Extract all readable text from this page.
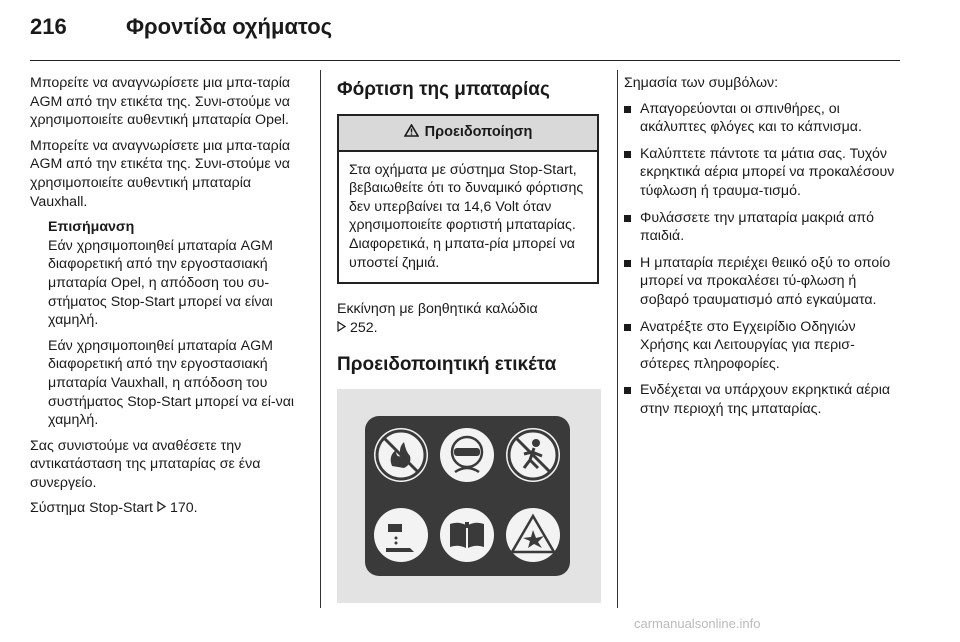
216	Φροντίδα οχήματος

Μπορείτε να αναγνωρίσετε μια μπα-ταρία AGM από την ετικέτα της. Συνι-στούμε να χρησιμοποιείτε αυθεντική μπαταρία Opel.

Μπορείτε να αναγνωρίσετε μια μπα-ταρία AGM από την ετικέτα της. Συνι-στούμε να χρησιμοποιείτε αυθεντική μπαταρία Vauxhall.

Επισήμανση

Εάν χρησιμοποιηθεί μπαταρία AGM διαφορετική από την εργοστασιακή μπαταρία Opel, η απόδοση του συ-στήματος Stop-Start μπορεί να είναι χαμηλή.

Εάν χρησιμοποιηθεί μπαταρία AGM διαφορετική από την εργοστασιακή μπαταρία Vauxhall, η απόδοση του συστήματος Stop-Start μπορεί να εί-ναι χαμηλή.

Σας συνιστούμε να αναθέσετε την αντικατάσταση της μπαταρίας σε ένα συνεργείο.

Σύστημα Stop-Start 170.

Φόρτιση της μπαταρίας
Προειδοποίηση
Στα οχήματα με σύστημα Stop-Start, βεβαιωθείτε ότι το δυναμικό φόρτισης δεν υπερβαίνει τα 14,6 Volt όταν χρησιμοποιείτε φορτιστή μπαταρίας. Διαφορετικά, η μπατα-ρία μπορεί να υποστεί ζημιά.

Εκκίνηση με βοηθητικά καλώδια
252.

Προειδοποιητική ετικέτα

Σημασία των συμβόλων:

Απαγορεύονται οι σπινθήρες, οι ακάλυπτες φλόγες και το κάπνισμα.
Καλύπτετε πάντοτε τα μάτια σας. Τυχόν εκρηκτικά αέρια μπορεί να προκαλέσουν τύφλωση ή τραυμα-τισμό.
Φυλάσσετε την μπαταρία μακριά από παιδιά.
Η μπαταρία περιέχει θειικό οξύ το οποίο μπορεί να προκαλέσει τύ-φλωση ή σοβαρό τραυματισμό από εγκαύματα.
Ανατρέξτε στο Εγχειρίδιο Οδηγιών Χρήσης και Λειτουργίας για περισ-σότερες πληροφορίες.
Ενδέχεται να υπάρχουν εκρηκτικά αέρια στην περιοχή της μπαταρίας.
carmanualsonline.info
